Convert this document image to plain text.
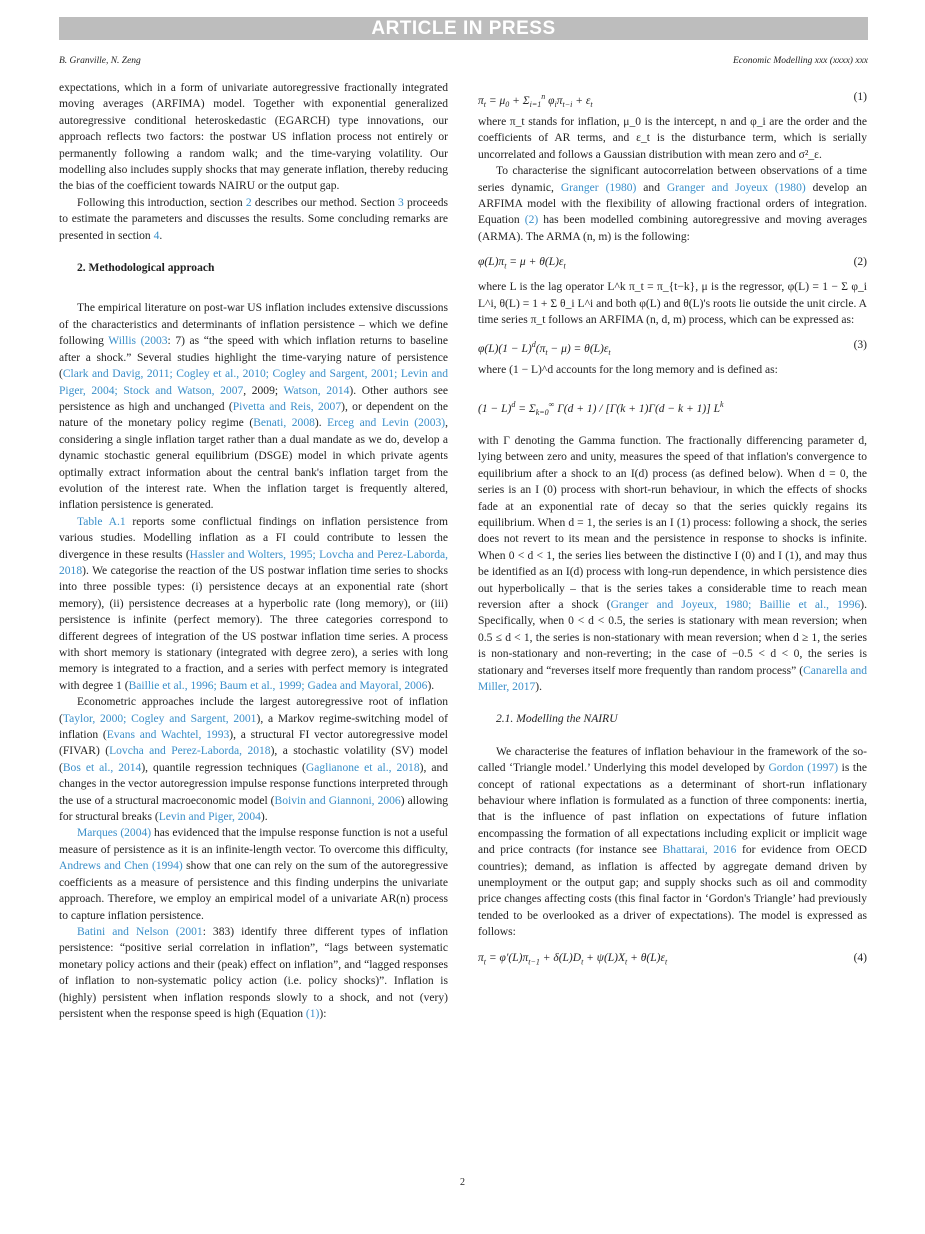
ARTICLE IN PRESS
B. Granville, N. Zeng	Economic Modelling xxx (xxxx) xxx

expectations, which in a form of univariate autoregressive fractionally integrated moving averages (ARFIMA) model. Together with exponential generalized autoregressive conditional heteroskedastic (EGARCH) type innovations, our approach reflects two factors: the postwar US inflation process not entirely or permanently following a random walk; and the time-varying volatility. Our modelling also includes supply shocks that may generate inflation, thereby reducing the bias of the coefficient towards NAIRU or the output gap.

Following this introduction, section 2 describes our method. Section 3 proceeds to estimate the parameters and discusses the results. Some concluding remarks are presented in section 4.

2. Methodological approach

The empirical literature on post-war US inflation includes extensive discussions of the characteristics and determinants of inflation persistence – which we define following Willis (2003: 7) as “the speed with which inflation returns to baseline after a shock.” Several studies highlight the time-varying nature of persistence (Clark and Davig, 2011; Cogley et al., 2010; Cogley and Sargent, 2001; Levin and Piger, 2004; Stock and Watson, 2007, 2009; Watson, 2014). Other authors see persistence as high and unchanged (Pivetta and Reis, 2007), or dependent on the nature of the monetary policy regime (Benati, 2008). Erceg and Levin (2003), considering a single inflation target rather than a dual mandate as we do, develop a dynamic stochastic general equilibrium (DSGE) model in which private agents optimally extract information about the central bank's inflation target from the evolution of the interest rate. When the inflation target is frequently altered, inflation persistence is generated.

Table A.1 reports some conflictual findings on inflation persistence from various studies. Modelling inflation as a FI could contribute to lessen the divergence in these results (Hassler and Wolters, 1995; Lovcha and Perez-Laborda, 2018). We categorise the reaction of the US postwar inflation time series to shocks into three possible types: (i) persistence decays at an exponential rate (short memory), (ii) persistence decreases at a hyperbolic rate (long memory), or (iii) persistence is infinite (perfect memory). The three categories correspond to different degrees of integration of the US postwar inflation time series. A process with short memory is stationary (integrated with degree zero), a series with long memory is integrated to a fraction, and a series with perfect memory is integrated with degree 1 (Baillie et al., 1996; Baum et al., 1999; Gadea and Mayoral, 2006).

Econometric approaches include the largest autoregressive root of inflation (Taylor, 2000; Cogley and Sargent, 2001), a Markov regime-switching model of inflation (Evans and Wachtel, 1993), a structural FI vector autoregressive model (FIVAR) (Lovcha and Perez-Laborda, 2018), a stochastic volatility (SV) model (Bos et al., 2014), quantile regression techniques (Gaglianone et al., 2018), and changes in the vector autoregression impulse response functions interpreted through the use of a structural macroeconomic model (Boivin and Giannoni, 2006) allowing for structural breaks (Levin and Piger, 2004).

Marques (2004) has evidenced that the impulse response function is not a useful measure of persistence as it is an infinite-length vector. To overcome this difficulty, Andrews and Chen (1994) show that one can rely on the sum of the autoregressive coefficients as a measure of persistence and this finding underpins the univariate approach. Therefore, we employ an empirical model of a univariate AR(n) process to capture inflation persistence.

Batini and Nelson (2001: 383) identify three different types of inflation persistence: “positive serial correlation in inflation”, “lags between systematic monetary policy actions and their (peak) effect on inflation”, and “lagged responses of inflation to non-systematic policy action (i.e. policy shocks)”. Inflation is (highly) persistent when inflation responds slowly to a shock, and not (very) persistent when the response speed is high (Equation (1)):

$\pi_t = \mu_0 + \Sigma_{i=1}^n$ $\varphi_i\pi_{t-i} + \varepsilon_t$
(1)

where π_t stands for inflation, μ_0 is the intercept, n and φ_i are the order and the coefficients of AR terms, and ε_t is the disturbance term, which is serially uncorrelated and follows a Gaussian distribution with mean zero and σ²_ε.

To characterise the significant autocorrelation between observations of a time series dynamic, Granger (1980) and Granger and Joyeux (1980) develop an ARFIMA model with the flexibility of allowing fractional orders of integration. Equation (2) has been modelled combining autoregressive and moving averages (ARMA). The ARMA (n, m) is the following:

$\varphi(L)\pi_t = \mu + \theta(L)\varepsilon_t$	(2)

where L is the lag operator L^k π_t = π_{t−k}, μ is the regressor, φ(L) = 1 − Σ φ_i L^i, θ(L) = 1 + Σ θ_i L^i and both φ(L) and θ(L)'s roots lie outside the unit circle. A time series π_t follows an ARFIMA (n, d, m) process, which can be expressed as:

$\varphi(L)(1 - L)^d(\pi_t - \mu) = \theta(L)\varepsilon_t$
(3)

where (1 − L)^d accounts for the long memory and is defined as:

$(1 - L)^d = \Sigma_{k=0}^\infty$ Γ(d + 1) / [Γ(k + 1)Γ(d − k + 1)] $L^k$

with Γ denoting the Gamma function. The fractionally differencing parameter d, lying between zero and unity, measures the speed of that inflation's convergence to equilibrium after a shock to an I(d) process (as defined below). When d = 0, the series is an I (0) process with short-run behaviour, in which the effects of shocks fade at an exponential rate of decay so that the series quickly regains its equilibrium. When d = 1, the series is an I (1) process: following a shock, the series does not revert to its mean and the persistence in response to shocks is infinite. When 0 < d < 1, the series lies between the distinctive I (0) and I (1), and may thus be identified as an I(d) process with long-run dependence, in which persistence dies out hyperbolically – that is the series takes a considerable time to reach mean reversion after a shock (Granger and Joyeux, 1980; Baillie et al., 1996). Specifically, when 0 < d < 0.5, the series is stationary with mean reversion; when 0.5 ≤ d < 1, the series is non-stationary with mean reversion; when d ≥ 1, the series is non-stationary and non-reverting; in the case of −0.5 < d < 0, the series is stationary and “reverses itself more frequently than random process” (Canarella and Miller, 2017).

2.1. Modelling the NAIRU

We characterise the features of inflation behaviour in the framework of the so-called ‘Triangle model.’ Underlying this model developed by Gordon (1997) is the concept of rational expectations as a determinant of short-run inflationary behaviour where inflation is formulated as a function of three components: inertia, that is the influence of past inflation on expectations of future inflation encompassing the formation of all expectations including explicit or implicit wage and price contracts (for instance see Bhattarai, 2016 for evidence from OECD countries); demand, as inflation is affected by aggregate demand driven by unemployment or the output gap; and supply shocks such as oil and commodity price changes affecting costs (this final factor in ‘Gordon's Triangle’ had previously tended to be overlooked as a driver of expectations). The model is expressed as follows:

$\pi_t = \varphi'(L)\pi_{t-1} + \delta(L)D_t + \psi(L)X_t + \theta(L)\varepsilon_t$	(4)
2
